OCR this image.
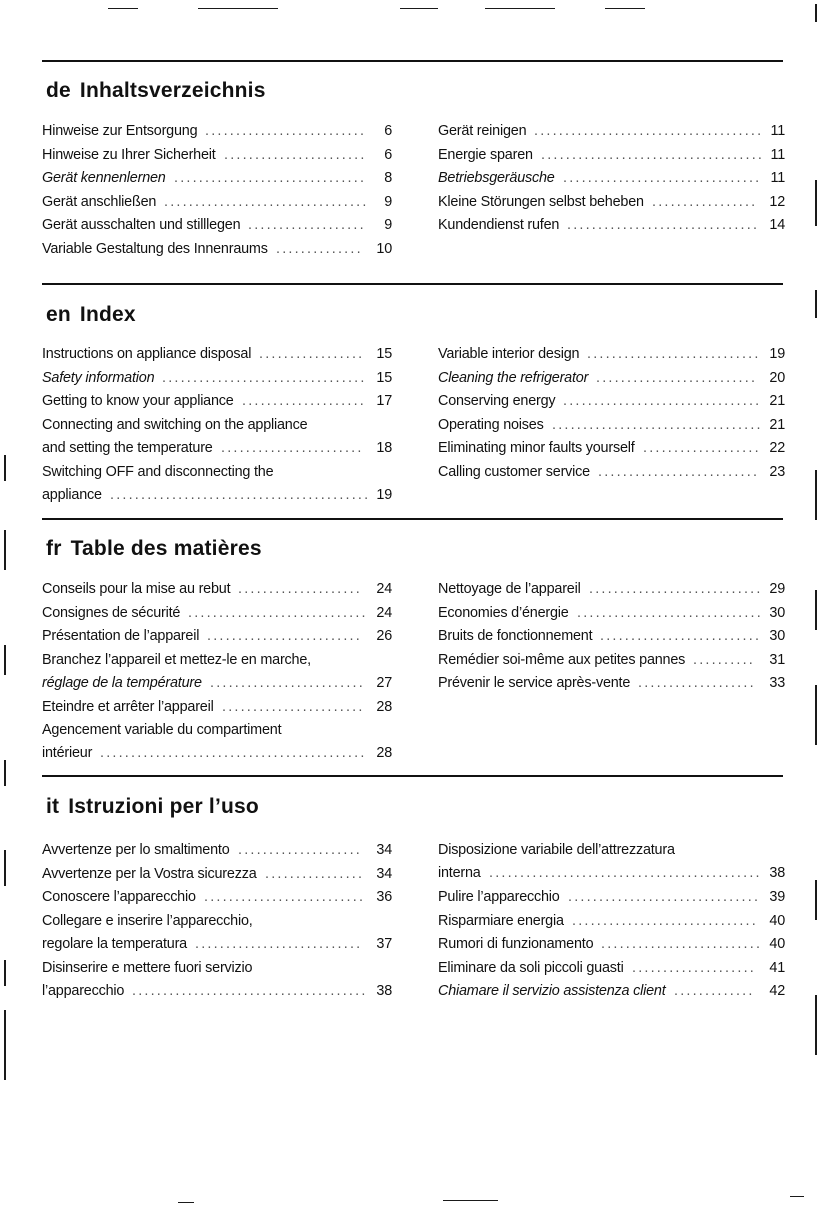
de Inhaltsverzeichnis
Hinweise zur Entsorgung .......................... 6
Hinweise zu Ihrer Sicherheit ....................... 6
Gerät kennenlernen ............................... 8
Gerät anschließen ................................. 9
Gerät ausschalten und stilllegen ................... 9
Variable Gestaltung des Innenraums .............. 10
Gerät reinigen ..................................... 11
Energie sparen .................................... 11
Betriebsgeräusche ................................ 11
Kleine Störungen selbst beheben ................. 12
Kundendienst rufen ............................... 14
en Index
Instructions on appliance disposal ................. 15
Safety information ................................. 15
Getting to know your appliance .................... 17
Connecting and switching on the appliance
and setting the temperature ....................... 18
Switching OFF and disconnecting the
appliance .......................................... 19
Variable interior design ............................ 19
Cleaning the refrigerator .......................... 20
Conserving energy ................................ 21
Operating noises .................................. 21
Eliminating minor faults yourself ................... 22
Calling customer service .......................... 23
fr Table des matières
Conseils pour la mise au rebut .................... 24
Consignes de sécurité ............................. 24
Présentation de l’appareil ......................... 26
Branchez l’appareil et mettez-le en marche,
réglage de la température ......................... 27
Eteindre et arrêter l’appareil ....................... 28
Agencement variable du compartiment
intérieur ........................................... 28
Nettoyage de l’appareil ............................ 29
Economies d’énergie .............................. 30
Bruits de fonctionnement .......................... 30
Remédier soi-même aux petites pannes .......... 31
Prévenir le service après-vente ................... 33
it Istruzioni per l’uso
Avvertenze per lo smaltimento .................... 34
Avvertenze per la Vostra sicurezza ................ 34
Conoscere l’apparecchio .......................... 36
Collegare e inserire l’apparecchio,
regolare la temperatura ........................... 37
Disinserire e mettere fuori servizio
l’apparecchio ...................................... 38
Disposizione variabile dell’attrezzatura
interna ............................................ 38
Pulire l’apparecchio ............................... 39
Risparmiare energia .............................. 40
Rumori di funzionamento .......................... 40
Eliminare da soli piccoli guasti .................... 41
Chiamare il servizio assistenza client ............. 42
